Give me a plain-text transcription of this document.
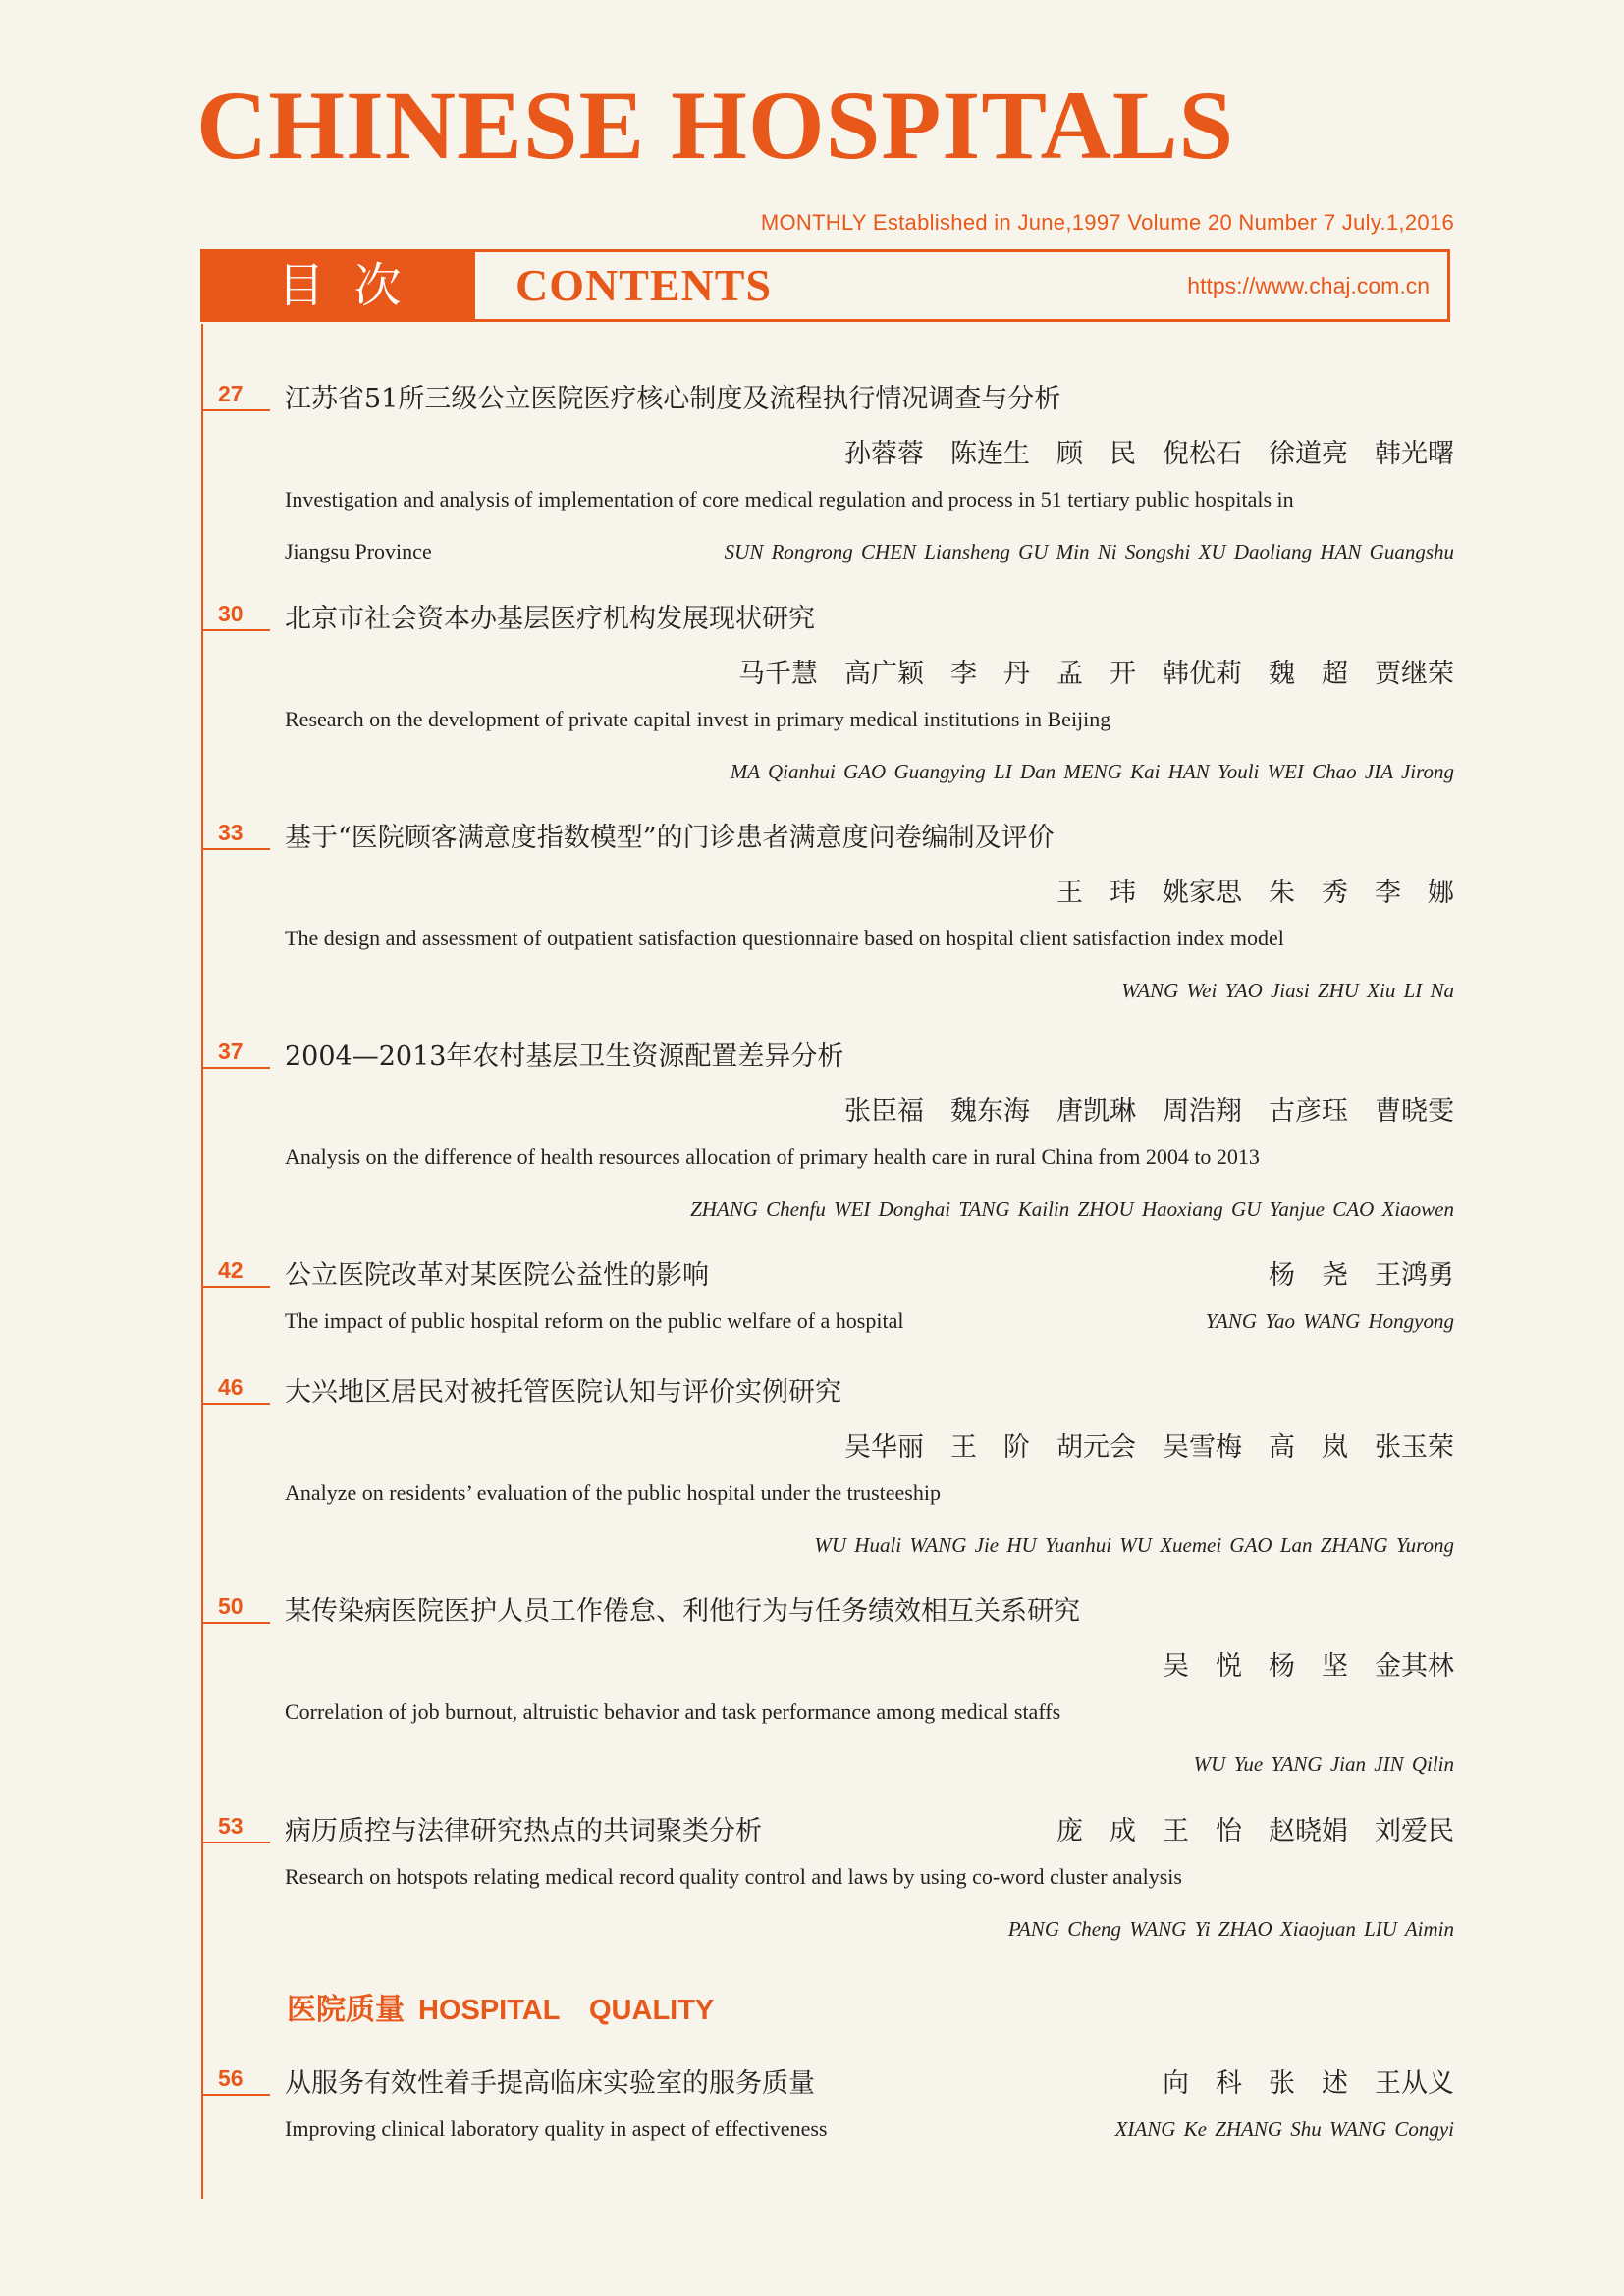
CHINESE HOSPITALS
MONTHLY Established in June,1997 Volume 20 Number 7 July.1,2016
目次	CONTENTS	https://www.chaj.com.cn
27 江苏省51所三级公立医院医疗核心制度及流程执行情况调查与分析
孙蓉蓉　陈连生　顾　民　倪松石　徐道亮　韩光曙
Investigation and analysis of implementation of core medical regulation and process in 51 tertiary public hospitals in
Jiangsu Province	SUN Rongrong CHEN Liansheng GU Min Ni Songshi XU Daoliang HAN Guangshu
30 北京市社会资本办基层医疗机构发展现状研究
马千慧　高广颖　李　丹　孟　开　韩优莉　魏　超　贾继荣
Research on the development of private capital invest in primary medical institutions in Beijing
MA Qianhui GAO Guangying LI Dan MENG Kai HAN Youli WEI Chao JIA Jirong
33 基于“医院顾客满意度指数模型”的门诊患者满意度问卷编制及评价
王　玮　姚家思　朱　秀　李　娜
The design and assessment of outpatient satisfaction questionnaire based on hospital client satisfaction index model
WANG Wei YAO Jiasi ZHU Xiu LI Na
37 2004—2013年农村基层卫生资源配置差异分析
张臣福　魏东海　唐凯琳　周浩翔　古彦珏　曹晓雯
Analysis on the difference of health resources allocation of primary health care in rural China from 2004 to 2013
ZHANG Chenfu WEI Donghai TANG Kailin ZHOU Haoxiang GU Yanjue CAO Xiaowen
42 公立医院改革对某医院公益性的影响	杨　尧　王鸿勇
The impact of public hospital reform on the public welfare of a hospital	YANG Yao WANG Hongyong
46 大兴地区居民对被托管医院认知与评价实例研究
吴华丽　王　阶　胡元会　吴雪梅　高　岚　张玉荣
Analyze on residents’ evaluation of the public hospital under the trusteeship
WU Huali WANG Jie HU Yuanhui WU Xuemei GAO Lan ZHANG Yurong
50 某传染病医院医护人员工作倦怠、利他行为与任务绩效相互关系研究
吴　悦　杨　坚　金其林
Correlation of job burnout, altruistic behavior and task performance among medical staffs
WU Yue YANG Jian JIN Qilin
53 病历质控与法律研究热点的共词聚类分析	庞　成　王　怡　赵晓娟　刘爱民
Research on hotspots relating medical record quality control and laws by using co-word cluster analysis
PANG Cheng WANG Yi ZHAO Xiaojuan LIU Aimin
医院质量 HOSPITAL QUALITY
56 从服务有效性着手提高临床实验室的服务质量	向　科　张　述　王从义
Improving clinical laboratory quality in aspect of effectiveness	XIANG Ke ZHANG Shu WANG Congyi
